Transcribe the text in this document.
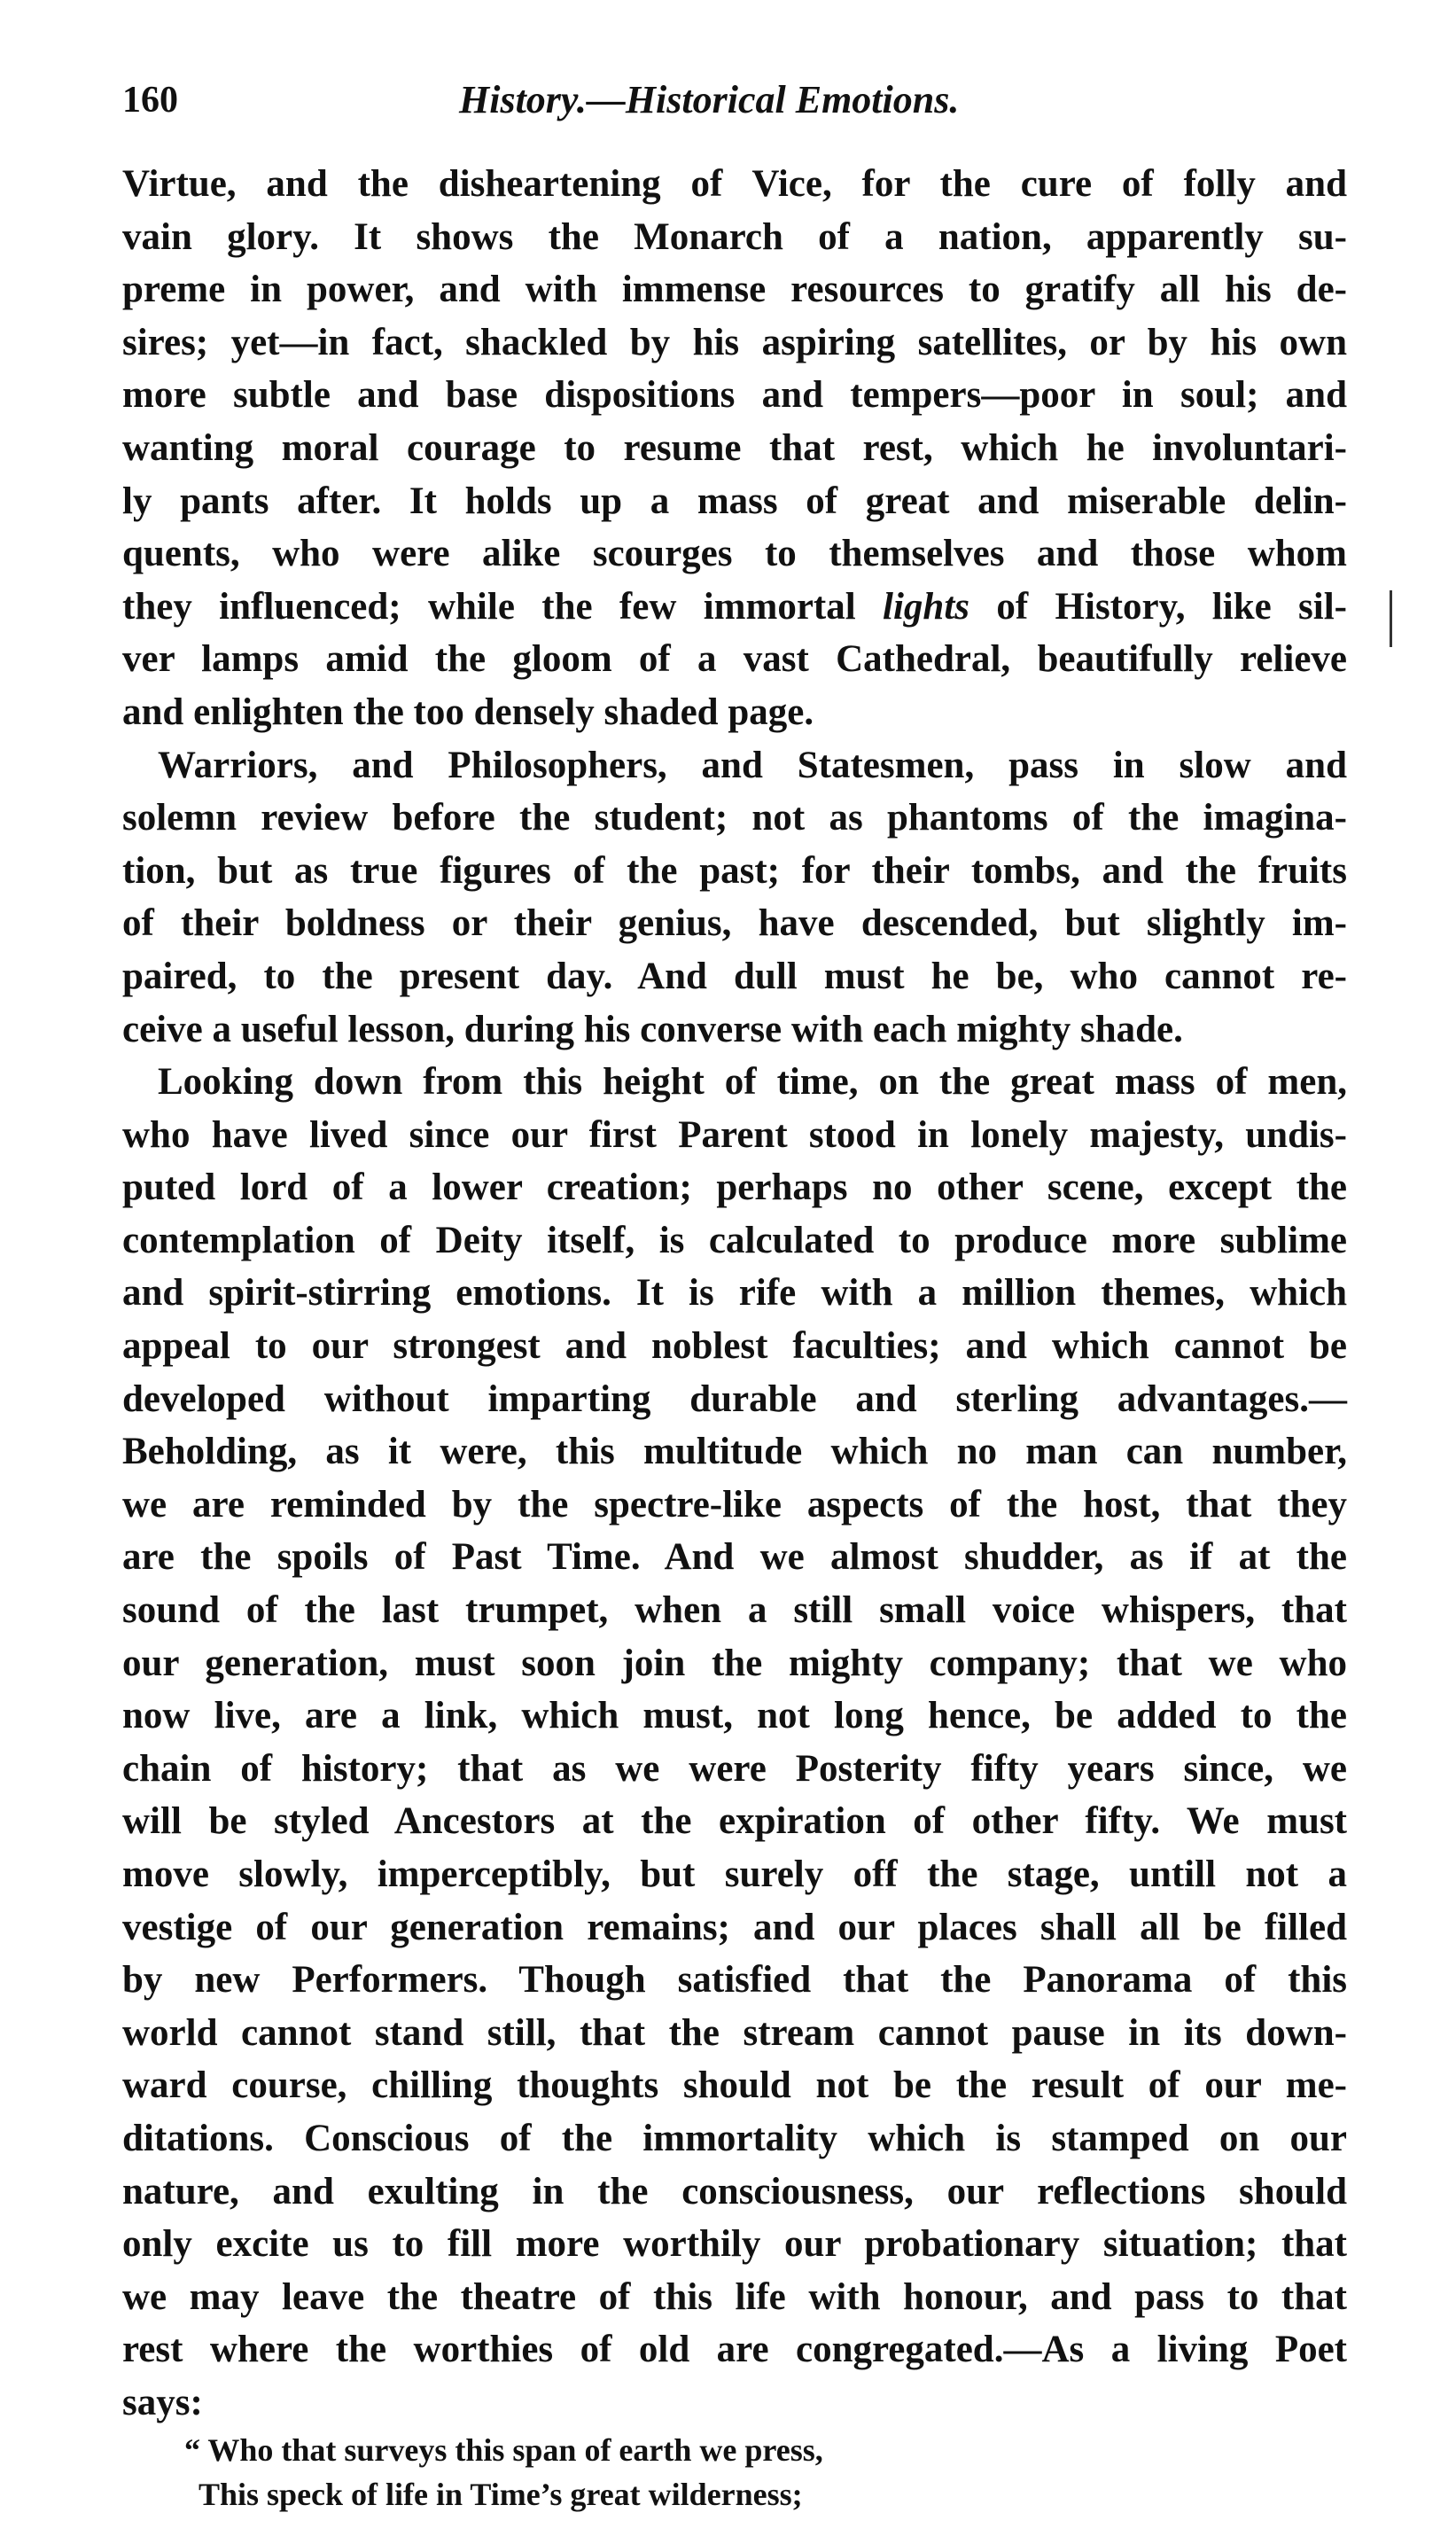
160	History.—Historical Emotions.
Virtue, and the disheartening of Vice, for the cure of folly and
vain glory. It shows the Monarch of a nation, apparently su-
preme in power, and with immense resources to gratify all his de-
sires; yet—in fact, shackled by his aspiring satellites, or by his own
more subtle and base dispositions and tempers—poor in soul; and
wanting moral courage to resume that rest, which he involuntari-
ly pants after. It holds up a mass of great and miserable delin-
quents, who were alike scourges to themselves and those whom
they influenced; while the few immortal lights of History, like sil-
ver lamps amid the gloom of a vast Cathedral, beautifully relieve
and enlighten the too densely shaded page.
Warriors, and Philosophers, and Statesmen, pass in slow and
solemn review before the student; not as phantoms of the imagina-
tion, but as true figures of the past; for their tombs, and the fruits
of their boldness or their genius, have descended, but slightly im-
paired, to the present day. And dull must he be, who cannot re-
ceive a useful lesson, during his converse with each mighty shade.
Looking down from this height of time, on the great mass of men,
who have lived since our first Parent stood in lonely majesty, undis-
puted lord of a lower creation; perhaps no other scene, except the
contemplation of Deity itself, is calculated to produce more sublime
and spirit-stirring emotions. It is rife with a million themes, which
appeal to our strongest and noblest faculties; and which cannot be
developed without imparting durable and sterling advantages.—
Beholding, as it were, this multitude which no man can number,
we are reminded by the spectre-like aspects of the host, that they
are the spoils of Past Time. And we almost shudder, as if at the
sound of the last trumpet, when a still small voice whispers, that
our generation, must soon join the mighty company; that we who
now live, are a link, which must, not long hence, be added to the
chain of history; that as we were Posterity fifty years since, we
will be styled Ancestors at the expiration of other fifty. We must
move slowly, imperceptibly, but surely off the stage, untill not a
vestige of our generation remains; and our places shall all be filled
by new Performers. Though satisfied that the Panorama of this
world cannot stand still, that the stream cannot pause in its down-
ward course, chilling thoughts should not be the result of our me-
ditations. Conscious of the immortality which is stamped on our
nature, and exulting in the consciousness, our reflections should
only excite us to fill more worthily our probationary situation; that
we may leave the theatre of this life with honour, and pass to that
rest where the worthies of old are congregated.—As a living Poet
says:
“ Who that surveys this span of earth we press,
This speck of life in Time’s great wilderness;
